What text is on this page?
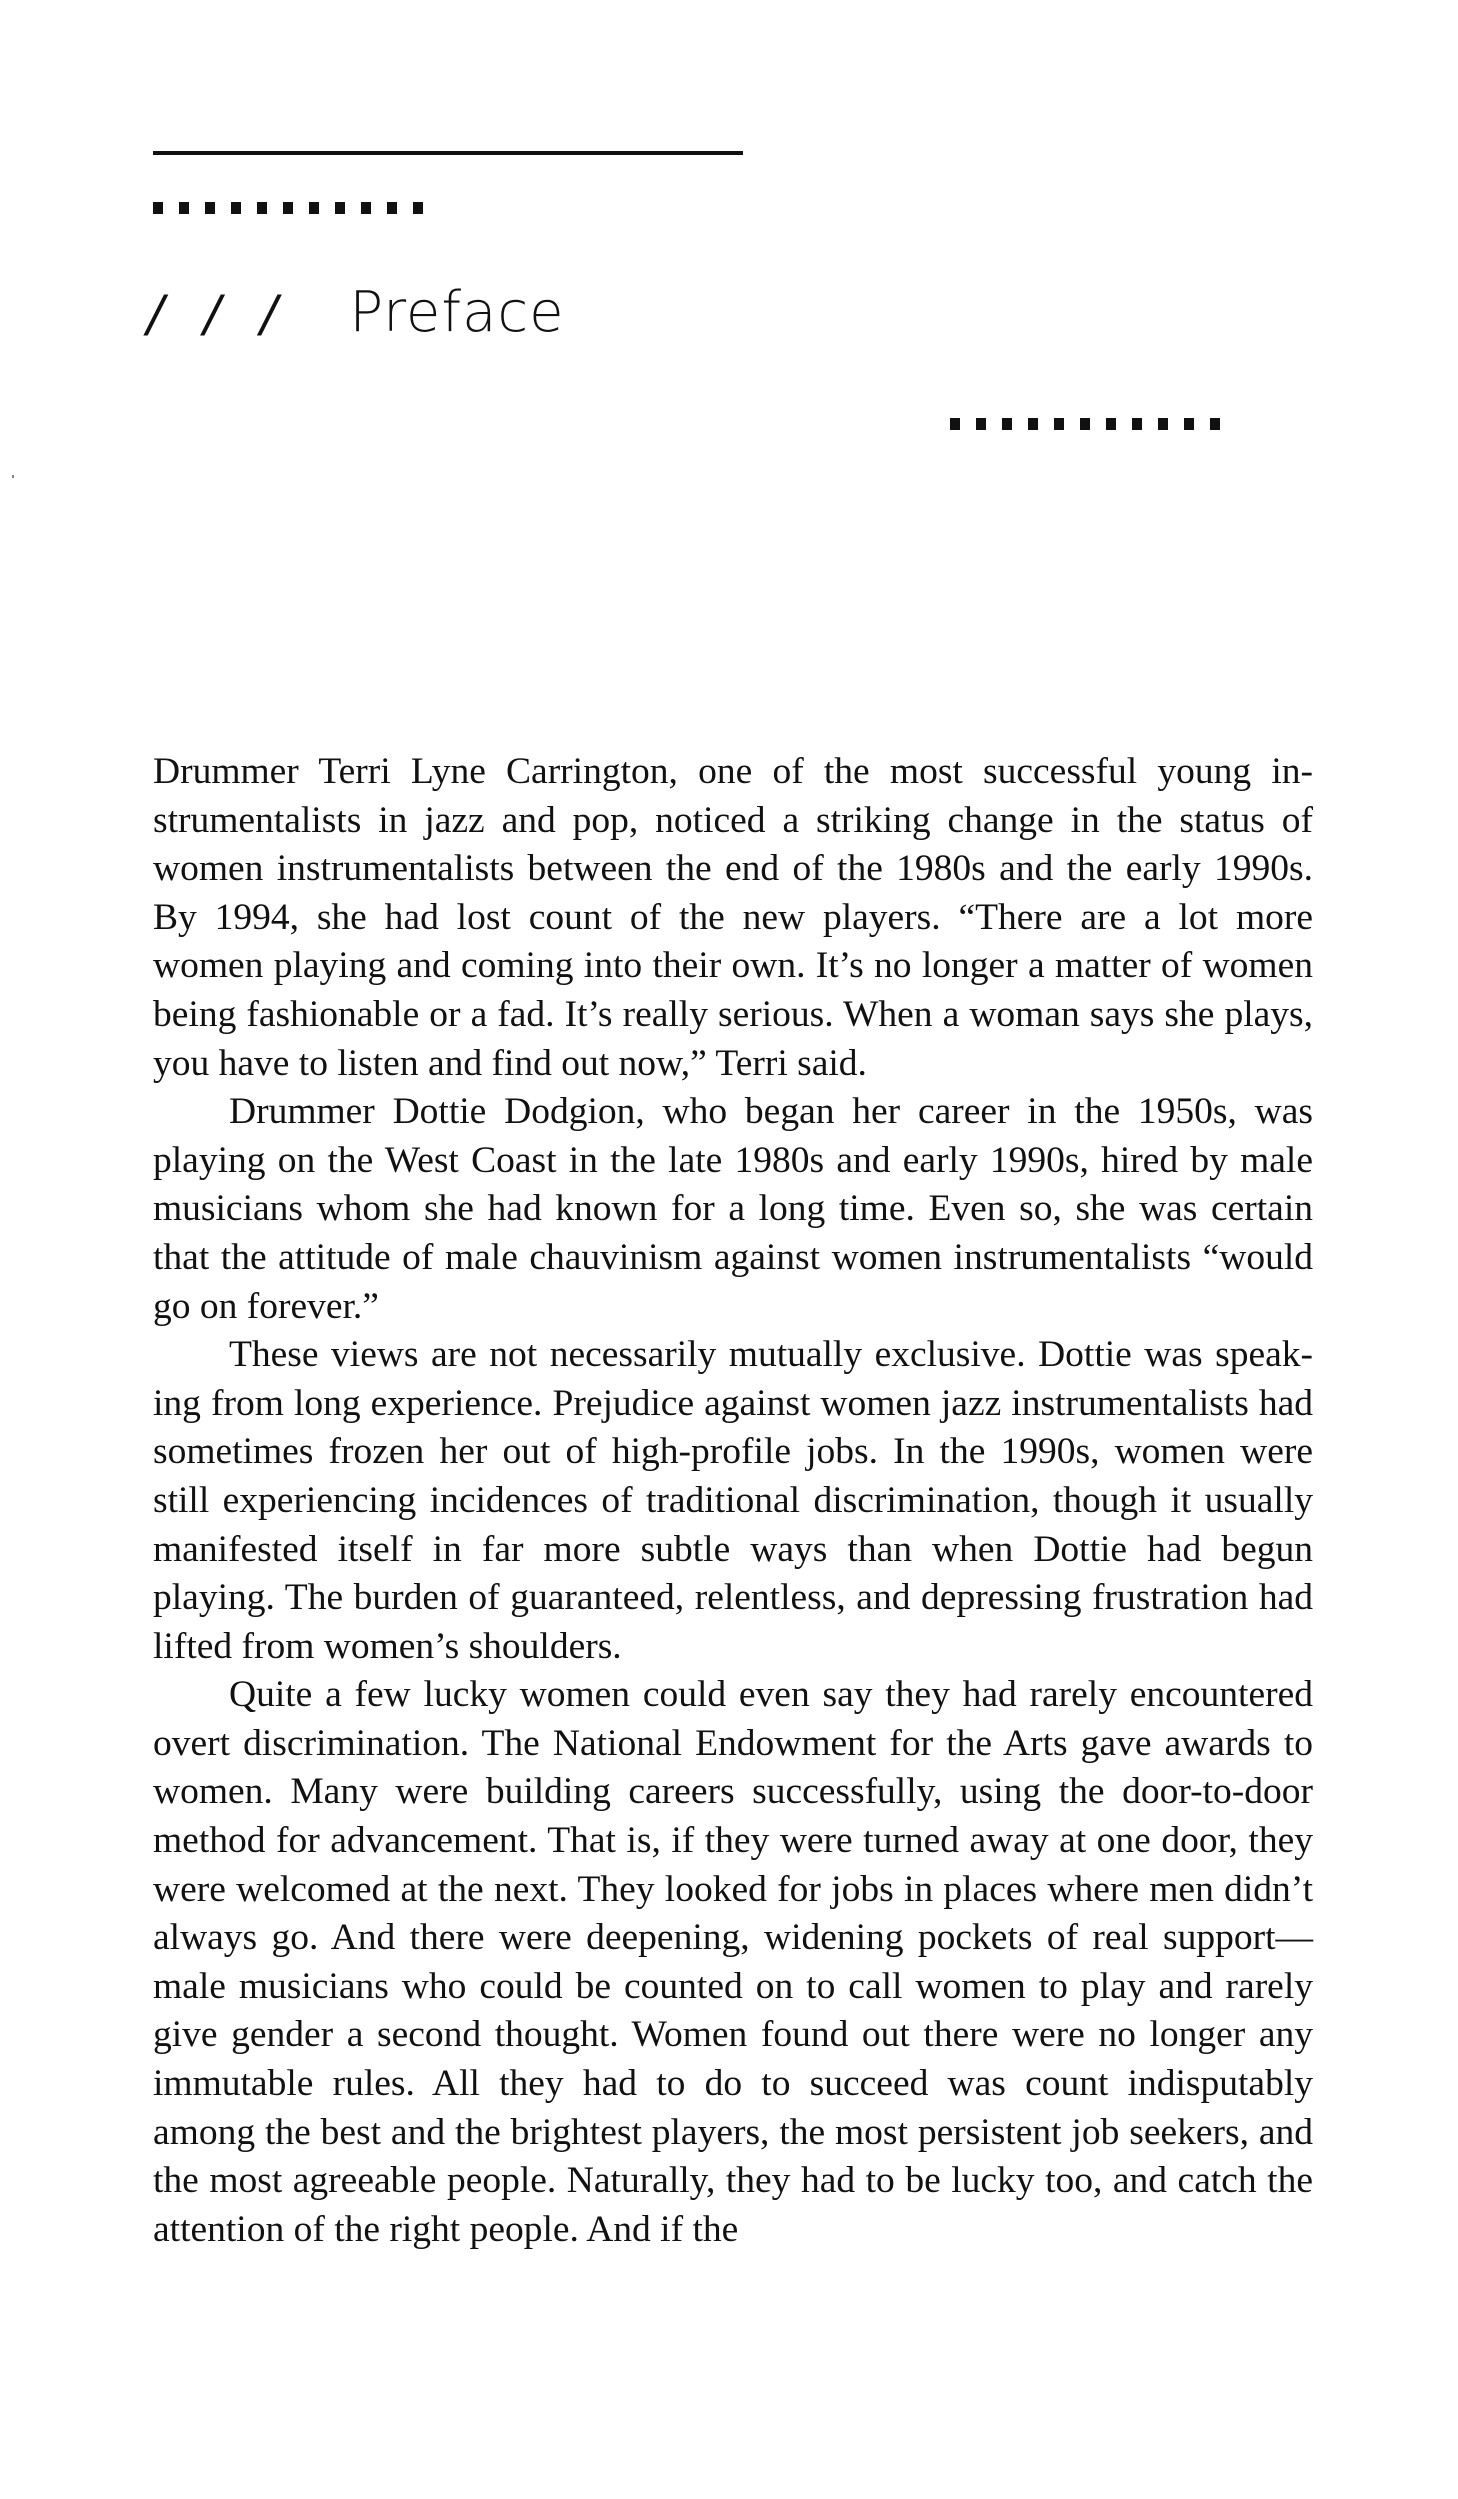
/ / / Preface

Drummer Terri Lyne Carrington, one of the most successful young instrumentalists in jazz and pop, noticed a striking change in the status of women instrumentalists between the end of the 1980s and the early 1990s. By 1994, she had lost count of the new players. “There are a lot more women playing and coming into their own. It’s no longer a matter of women being fashionable or a fad. It’s really serious. When a woman says she plays, you have to listen and find out now,” Terri said.

Drummer Dottie Dodgion, who began her career in the 1950s, was playing on the West Coast in the late 1980s and early 1990s, hired by male musicians whom she had known for a long time. Even so, she was certain that the attitude of male chauvinism against women instrumentalists “would go on forever.”

These views are not necessarily mutually exclusive. Dottie was speaking from long experience. Prejudice against women jazz instrumentalists had sometimes frozen her out of high-profile jobs. In the 1990s, women were still experiencing incidences of traditional discrimination, though it usually manifested itself in far more subtle ways than when Dottie had begun playing. The burden of guaranteed, relentless, and depressing frustration had lifted from women’s shoulders.

Quite a few lucky women could even say they had rarely encountered overt discrimination. The National Endowment for the Arts gave awards to women. Many were building careers successfully, using the door-to-door method for advancement. That is, if they were turned away at one door, they were welcomed at the next. They looked for jobs in places where men didn’t always go. And there were deepening, widening pockets of real support—male musicians who could be counted on to call women to play and rarely give gender a second thought. Women found out there were no longer any immutable rules. All they had to do to succeed was count indisputably among the best and the brightest players, the most persistent job seekers, and the most agreeable people. Naturally, they had to be lucky too, and catch the attention of the right people. And if the
